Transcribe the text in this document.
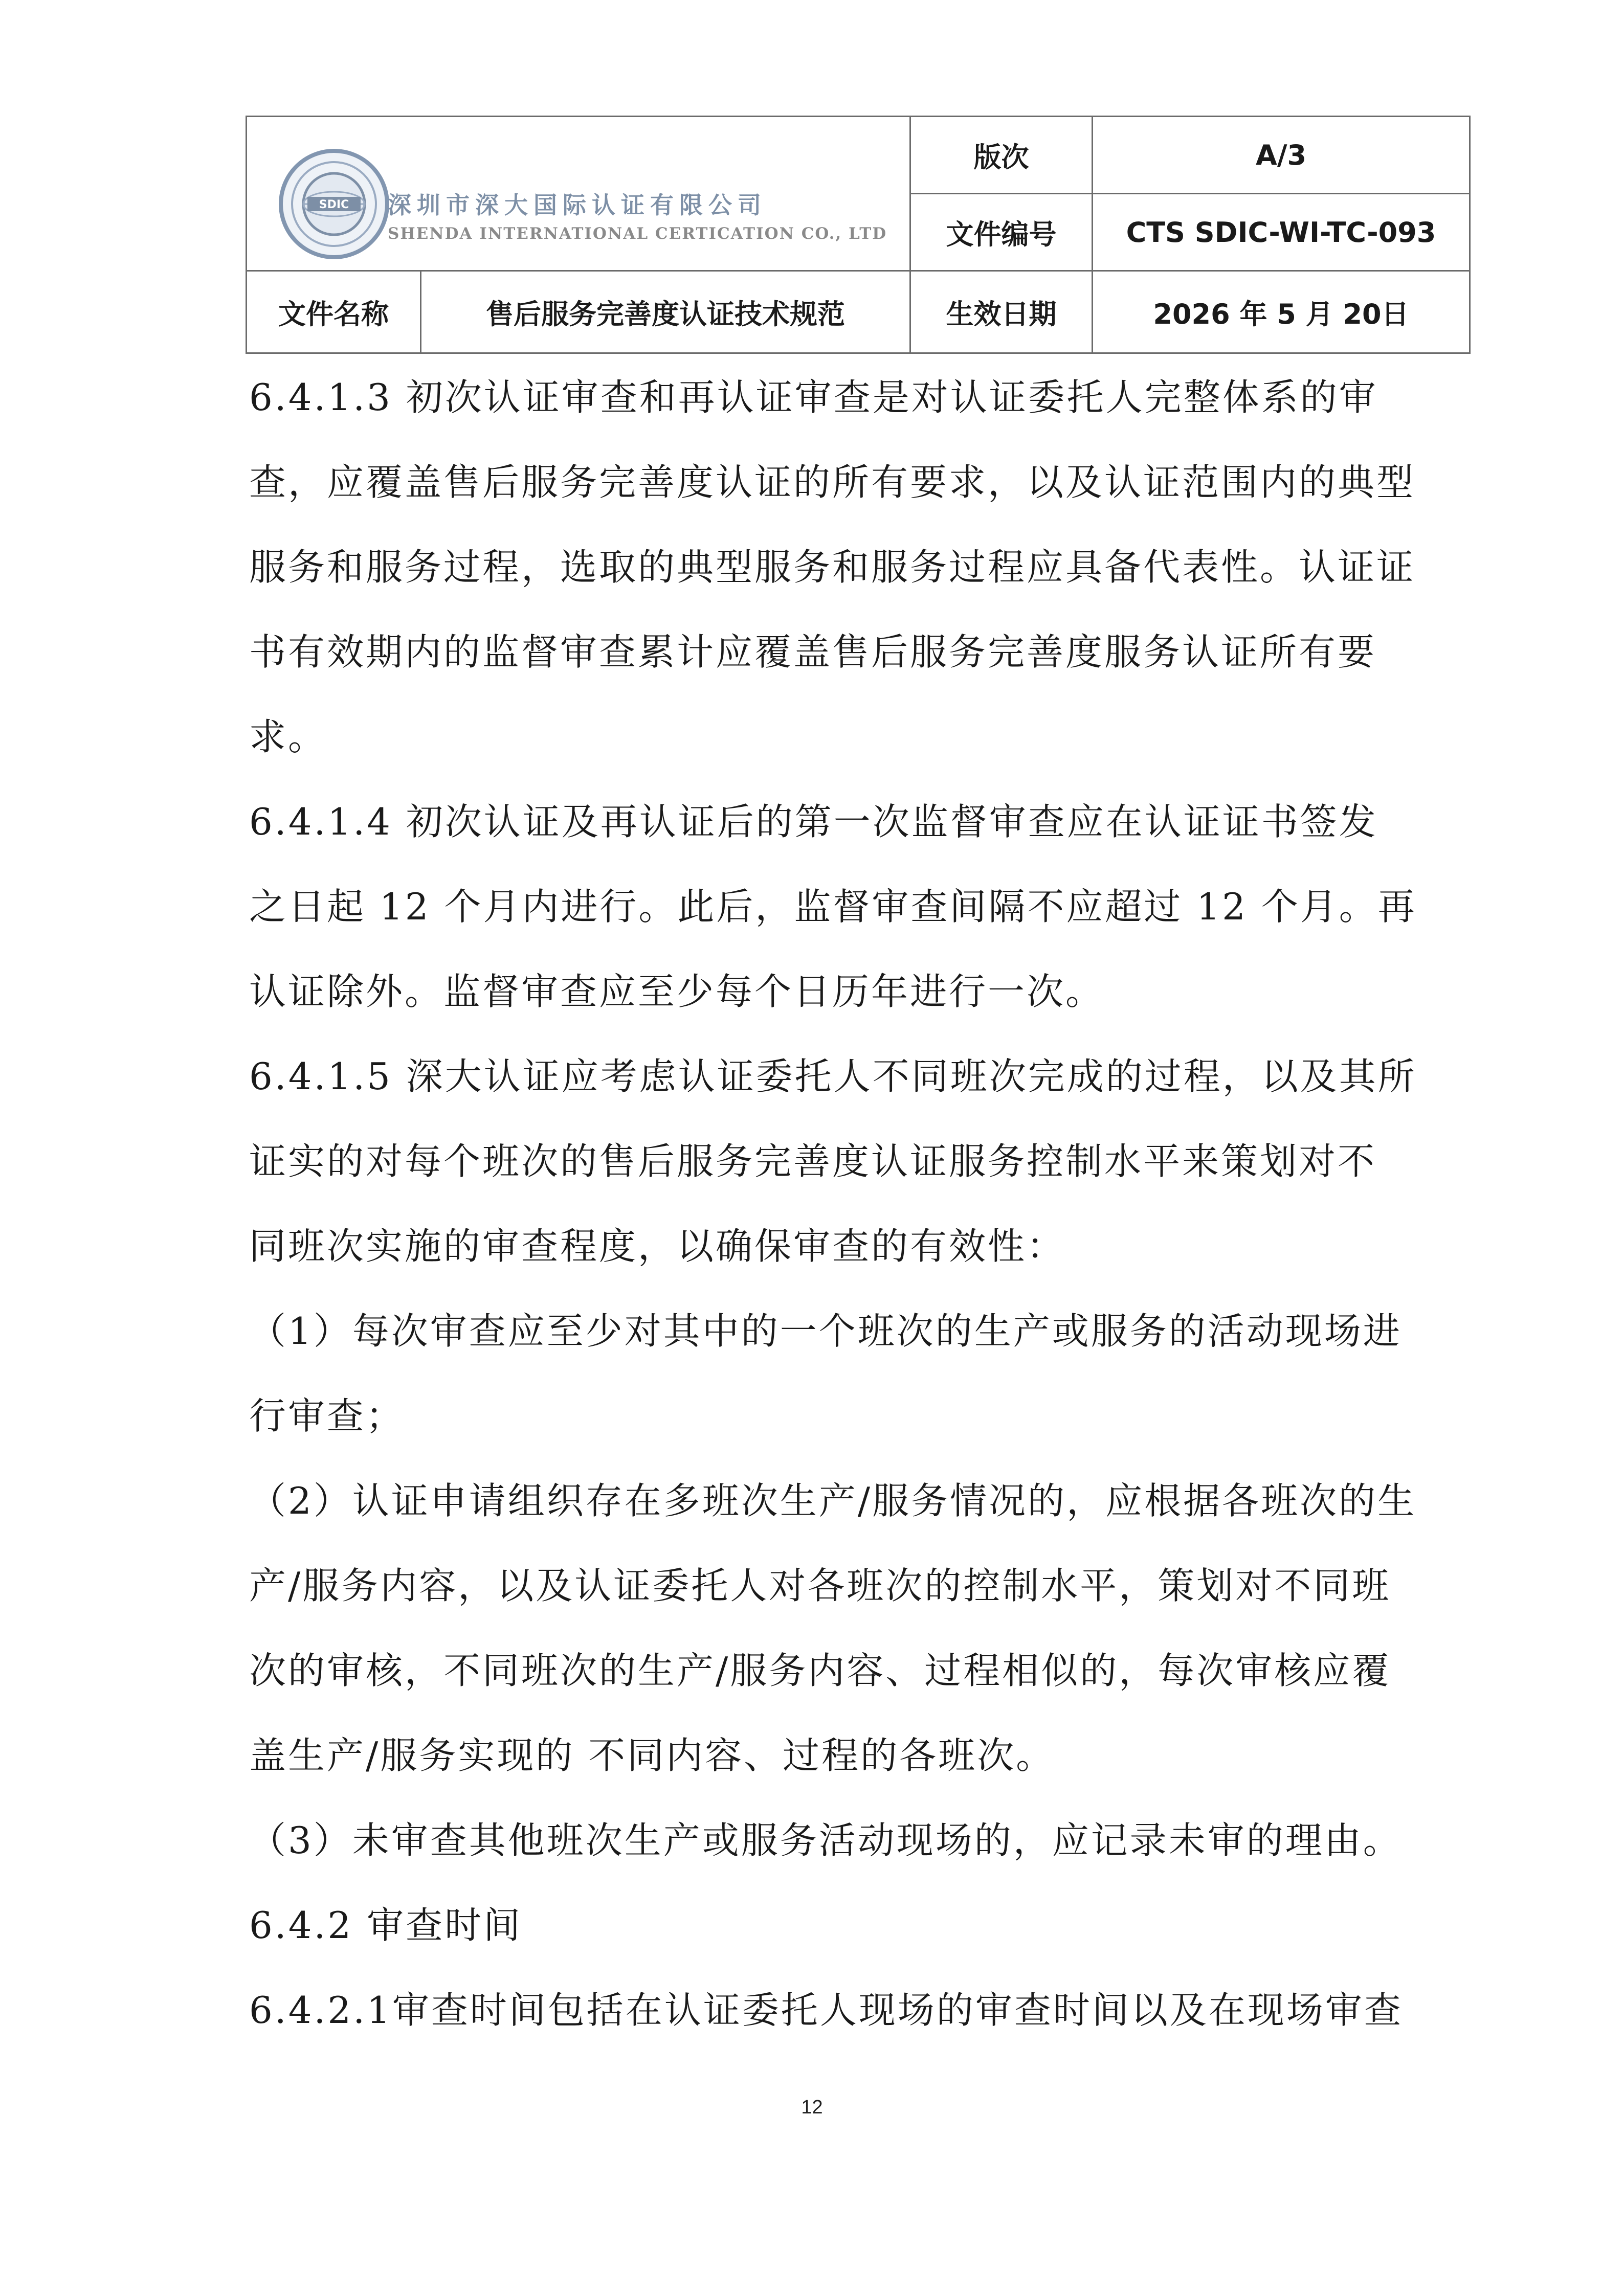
SDIC 深圳市深大国际认证有限公司
SHENDA INTERNATIONAL CERTICATION CO., LTD		版次	A/3
		文件编号	CTS SDIC-WI-TC-093
文件名称	售后服务完善度认证技术规范	生效日期	2026 年 5 月 20日
6.4.1.3 初次认证审查和再认证审查是对认证委托人完整体系的审
查，应覆盖售后服务完善度认证的所有要求，以及认证范围内的典型
服务和服务过程，选取的典型服务和服务过程应具备代表性。认证证
书有效期内的监督审查累计应覆盖售后服务完善度服务认证所有要
求。
6.4.1.4 初次认证及再认证后的第一次监督审查应在认证证书签发
之日起 12 个月内进行。此后，监督审查间隔不应超过 12 个月。再
认证除外。监督审查应至少每个日历年进行一次。
6.4.1.5 深大认证应考虑认证委托人不同班次完成的过程，以及其所
证实的对每个班次的售后服务完善度认证服务控制水平来策划对不
同班次实施的审查程度，以确保审查的有效性：
（1）每次审查应至少对其中的一个班次的生产或服务的活动现场进
行审查；
（2）认证申请组织存在多班次生产/服务情况的，应根据各班次的生
产/服务内容，以及认证委托人对各班次的控制水平，策划对不同班
次的审核，不同班次的生产/服务内容、过程相似的，每次审核应覆
盖生产/服务实现的 不同内容、过程的各班次。
（3）未审查其他班次生产或服务活动现场的，应记录未审的理由。
6.4.2 审查时间
6.4.2.1审查时间包括在认证委托人现场的审查时间以及在现场审查
12
